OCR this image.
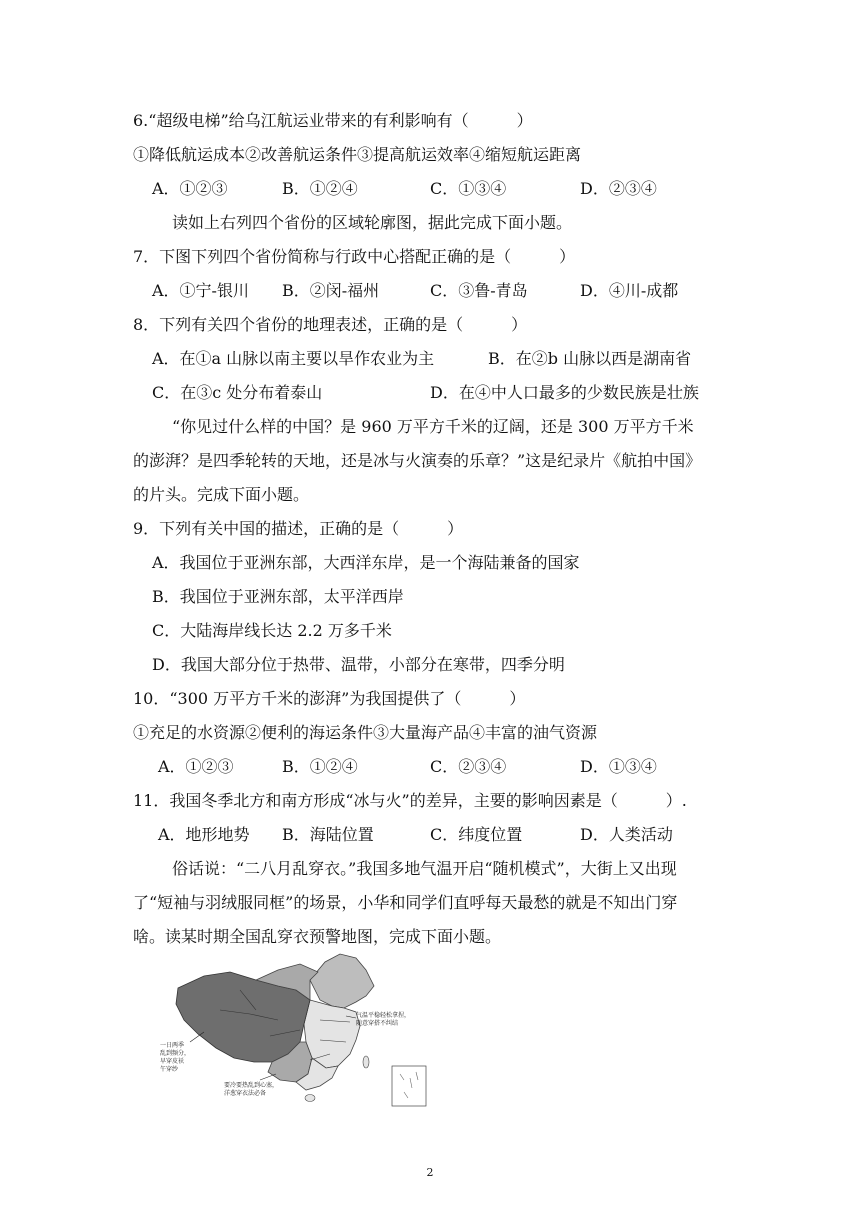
6.“超级电梯”给乌江航运业带来的有利影响有（　　　）
①降低航运成本②改善航运条件③提高航运效率④缩短航运距离
A．①②③	B．①②④	C．①③④	D．②③④
读如上右列四个省份的区域轮廓图，据此完成下面小题。
7．下图下列四个省份简称与行政中心搭配正确的是（　　　）
A．①宁-银川 B．②闵-福州	C．③鲁-青岛	D．④川-成都
8．下列有关四个省份的地理表述，正确的是（　　　）
A．在①a 山脉以南主要以旱作农业为主	B．在②b 山脉以西是湖南省
C．在③c 处分布着泰山	D．在④中人口最多的少数民族是壮族
“你见过什么样的中国？是 960 万平方千米的辽阔，还是 300 万平方千米
的澎湃？是四季轮转的天地，还是冰与火演奏的乐章？”这是纪录片《航拍中国》
的片头。完成下面小题。
9．下列有关中国的描述，正确的是（　　　）
A．我国位于亚洲东部，大西洋东岸，是一个海陆兼备的国家
B．我国位于亚洲东部，太平洋西岸
C．大陆海岸线长达 2.2 万多千米
D．我国大部分位于热带、温带，小部分在寒带，四季分明
10．“300 万平方千米的澎湃”为我国提供了（　　　）
①充足的水资源②便利的海运条件③大量海产品④丰富的油气资源
A．①②③	B．①②④	C．②③④	D．①③④
11．我国冬季北方和南方形成“冰与火”的差异，主要的影响因素是（　　　）.
A．地形地势 B．海陆位置	C．纬度位置	D．人类活动
俗话说：“二八月乱穿衣。”我国多地气温开启“随机模式”，大街上又出现
了“短袖与羽绒服同框”的场景，小华和同学们直呼每天最愁的就是不知出门穿
啥。读某时期全国乱穿衣预警地图，完成下面小题。
一日两季
乱到频分，
早穿皮袄
午穿纱
气温平稳轻松拿捏，
随意穿搭不纠结
要冷要热乱到心塞，
洋葱穿衣法必备
2
